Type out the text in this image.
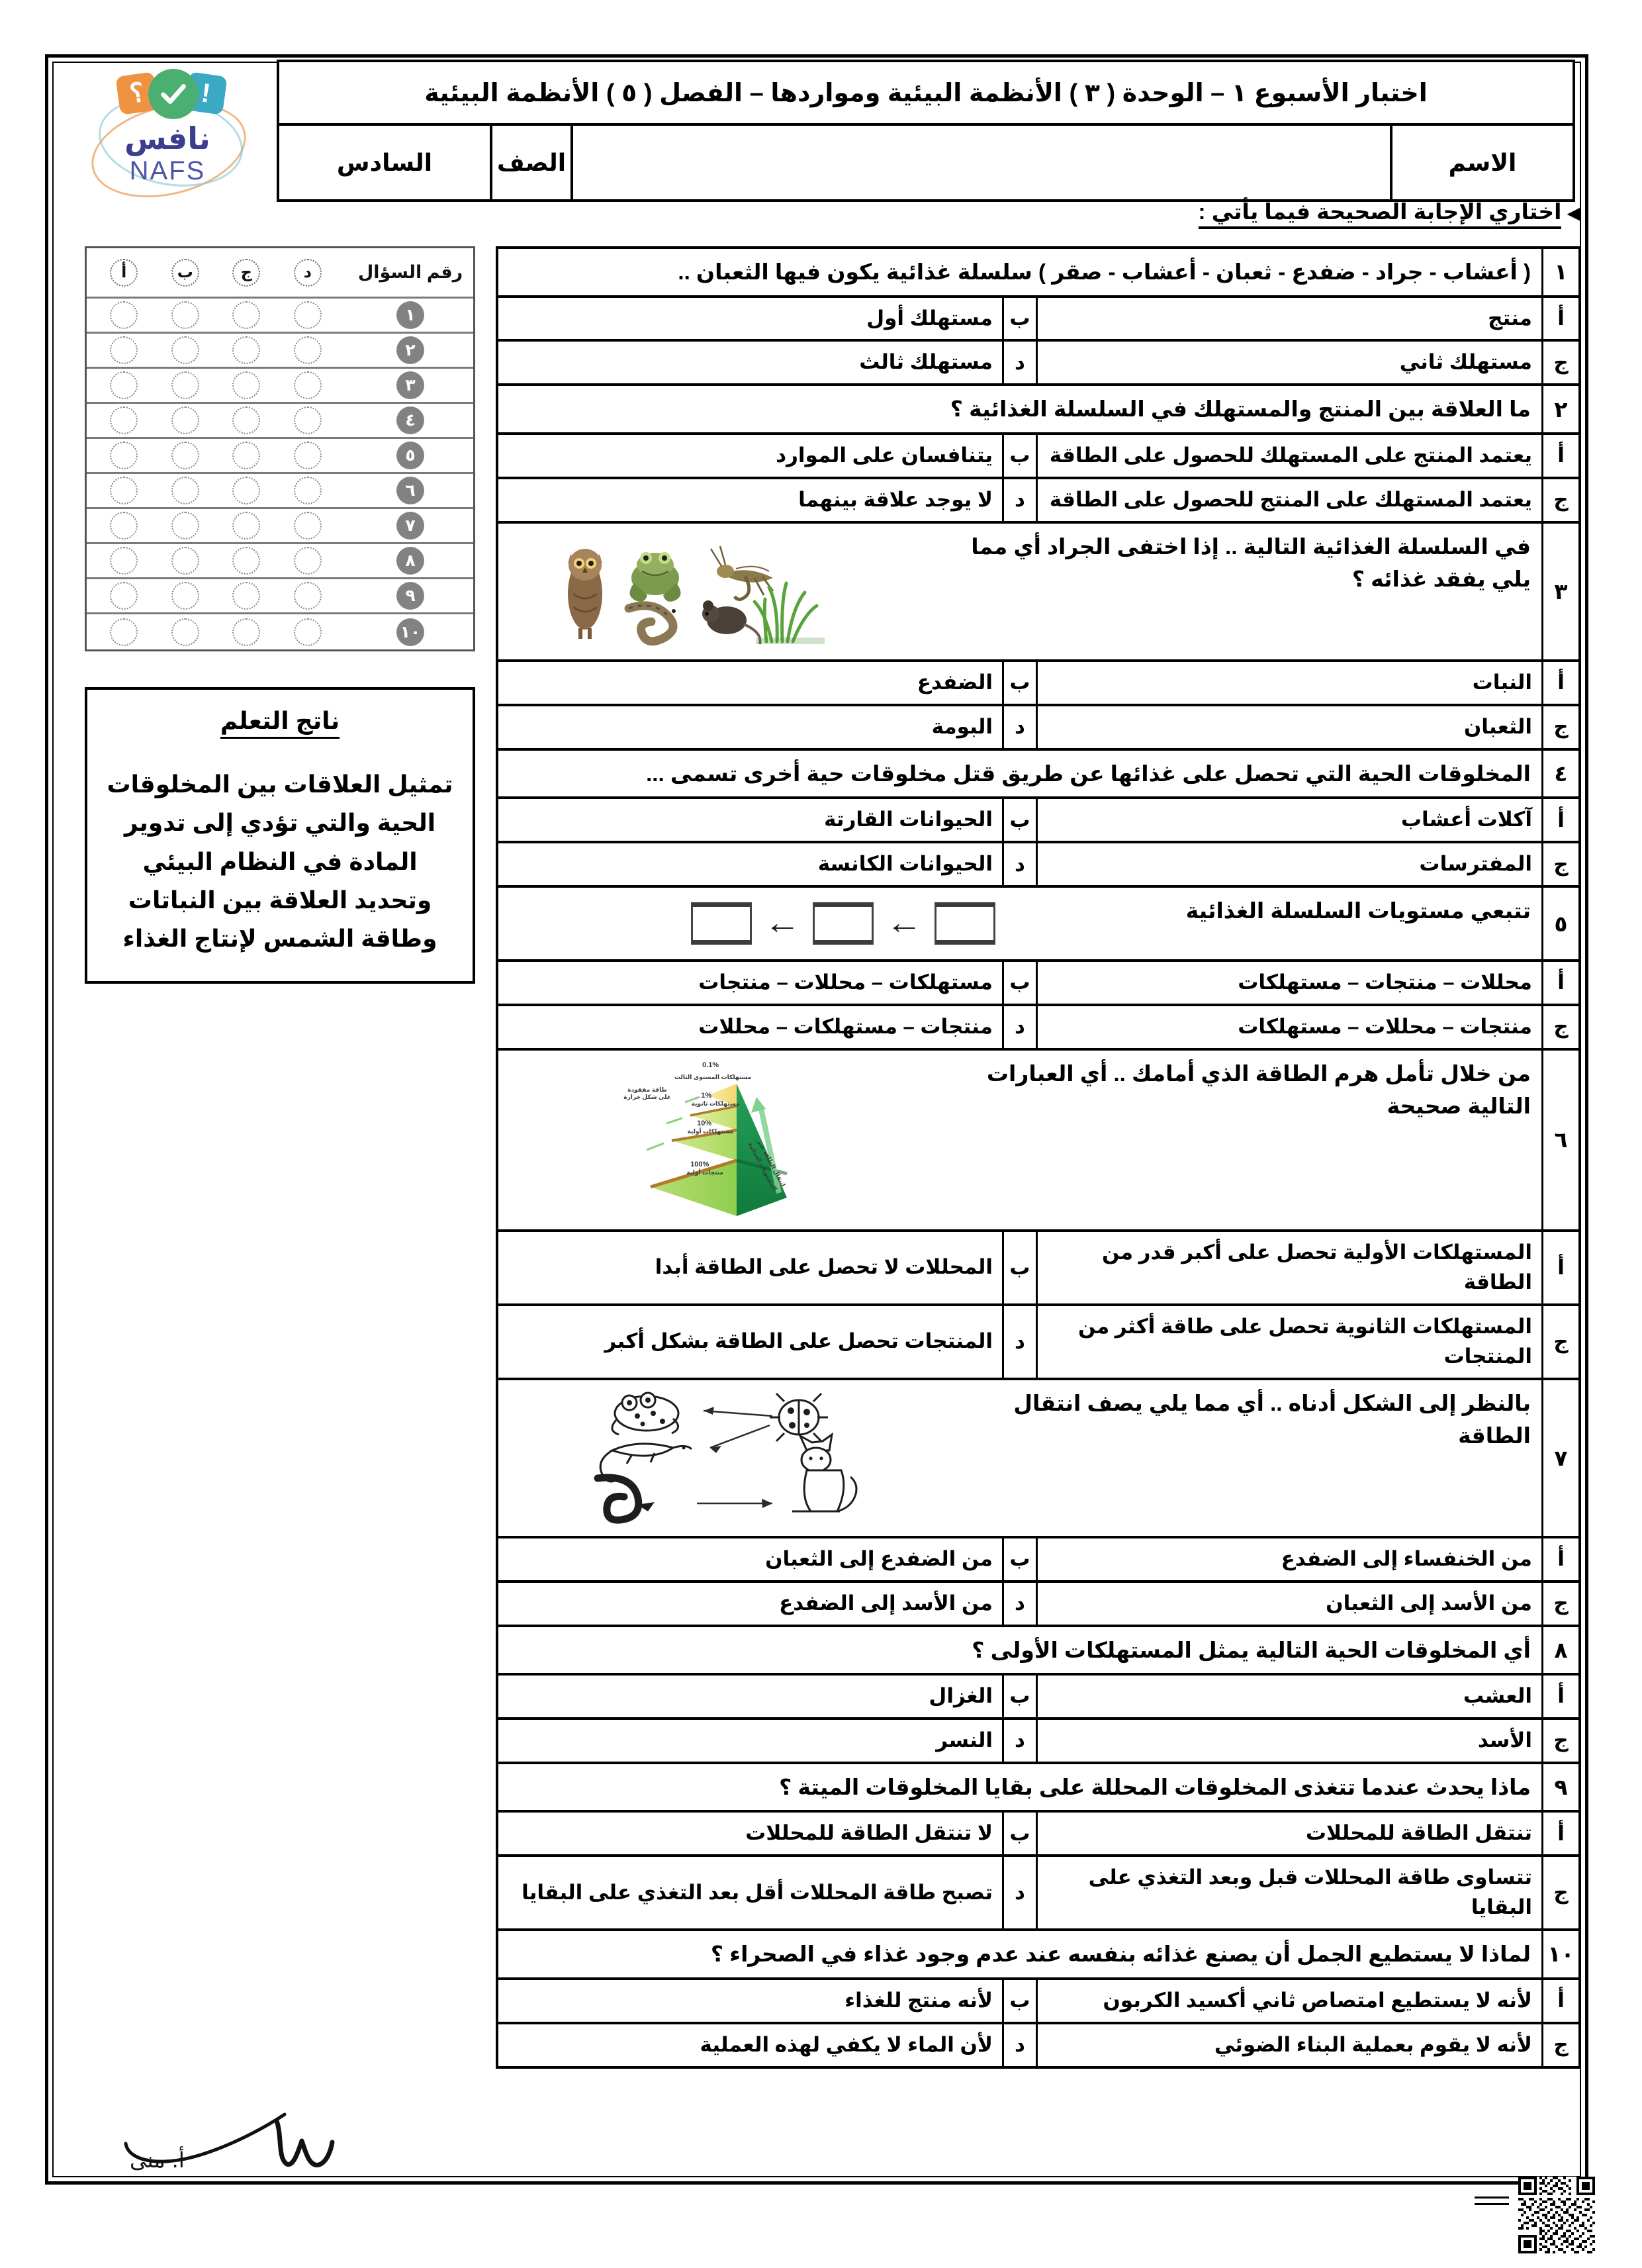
؟	!
نافس
NAFS
اختبار الأسبوع ١ – الوحدة ( ٣ ) الأنظمة البيئية ومواردها – الفصل ( ٥ ) الأنظمة البيئية
الاسم
الصف
السادس
◀اختاري الإجابة الصحيحة فيما يأتي :
رقم السؤال
د
ج
ب
أ
١
٢
٣
٤
٥
٦
٧
٨
٩
١٠
ناتج التعلم
تمثيل العلاقات بين المخلوقات الحية والتي تؤدي إلى تدوير المادة في النظام البيئي وتحديد العلاقة بين النباتات وطاقة الشمس لإنتاج الغذاء
١
( أعشاب - جراد - ضفدع - ثعبان - أعشاب - صقر ) سلسلة غذائية يكون فيها الثعبان ..
أ
منتج
ب
مستهلك أول
ج
مستهلك ثاني
د
مستهلك ثالث
٢
ما العلاقة بين المنتج والمستهلك في السلسلة الغذائية ؟
أ
يعتمد المنتج على المستهلك للحصول على الطاقة
ب
يتنافسان على الموارد
ج
يعتمد المستهلك على المنتج للحصول على الطاقة
د
لا يوجد علاقة بينهما
٣
في السلسلة الغذائية التالية .. إذا اختفى الجراد أي مما يلي يفقد غذائه ؟
أ
النبات
ب
الضفدع
ج
الثعبان
د
البومة
٤
المخلوقات الحية التي تحصل على غذائها عن طريق قتل مخلوقات حية أخرى تسمى ...
أ
آكلات أعشاب
ب
الحيوانات القارتة
ج
المفترسات
د
الحيوانات الكانسة
٥
تتبعي مستويات السلسلة الغذائية
←	←
أ
محللات – منتجات – مستهلكات
ب
مستهلكات – محللات – منتجات
ج
منتجات – محللات – مستهلكات
د
منتجات – مستهلكات – محللات
٦
من خلال تأمل هرم الطاقة الذي أمامك .. أي العبارات التالية صحيحة
0.1%
مستهلكات المستوى الثالث
1%
مستهلكات ثانوية
10%
مستهلكات أولية
100%
منتجات أولية
طاقة مفقودة على شكل حرارة
انتقال الطاقة عبر المستويات الغذائية
أ
المستهلكات الأولية تحصل على أكبر قدر من الطاقة
ب
المحللات لا تحصل على الطاقة أبدا
ج
المستهلكات الثانوية تحصل على طاقة أكثر من المنتجات
د
المنتجات تحصل على الطاقة بشكل أكبر
٧
بالنظر إلى الشكل أدناه .. أي مما يلي يصف انتقال الطاقة
أ
من الخنفساء إلى الضفدع
ب
من الضفدع إلى الثعبان
ج
من الأسد إلى الثعبان
د
من الأسد إلى الضفدع
٨
أي المخلوقات الحية التالية يمثل المستهلكات الأولى ؟
أ
العشب
ب
الغزال
ج
الأسد
د
النسر
٩
ماذا يحدث عندما تتغذى المخلوقات المحللة على بقايا المخلوقات الميتة ؟
أ
تنتقل الطاقة للمحللات
ب
لا تنتقل الطاقة للمحللات
ج
تتساوى طاقة المحللات قبل وبعد التغذي على البقايا
د
تصبح طاقة المحللات أقل بعد التغذي على البقايا
١٠
لماذا لا يستطيع الجمل أن يصنع غذائه بنفسه عند عدم وجود غذاء في الصحراء ؟
أ
لأنه لا يستطيع امتصاص ثاني أكسيد الكربون
ب
لأنه منتج للغذاء
ج
لأنه لا يقوم بعملية البناء الضوئي
د
لأن الماء لا يكفي لهذه العملية
أ. منى
